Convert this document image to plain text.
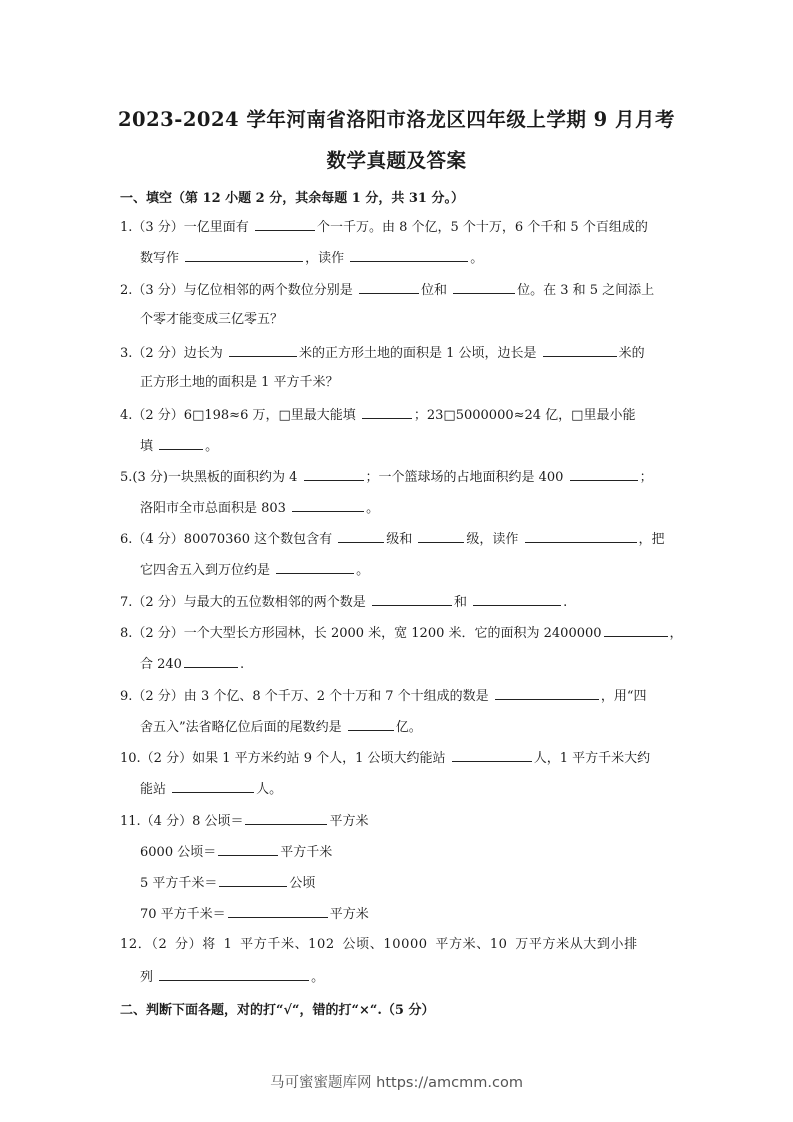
2023-2024 学年河南省洛阳市洛龙区四年级上学期 9 月月考
数学真题及答案
一、填空（第 12 小题 2 分，其余每题 1 分，共 31 分。）
1.（3 分）一亿里面有	个一千万。由 8 个亿，5 个十万，6 个千和 5 个百组成的
数写作	，读作	。
2.（3 分）与亿位相邻的两个数位分别是	位和	位。在 3 和 5 之间添上
个零才能变成三亿零五？
3.（2 分）边长为	米的正方形土地的面积是 1 公顷，边长是	米的
正方形土地的面积是 1 平方千米？
4.（2 分）6□198≈6 万，□里最大能填	；23□5000000≈24 亿，□里最小能
填	。
5.(3 分)一块黑板的面积约为 4	；一个篮球场的占地面积约是 400	；
洛阳市全市总面积是 803	。
6.（4 分）80070360 这个数包含有	级和	级，读作	，把
它四舍五入到万位约是	。
7.（2 分）与最大的五位数相邻的两个数是	和	.
8.（2 分）一个大型长方形园林，长 2000 米，宽 1200 米．它的面积为 2400000	，
合 240	.
9.（2 分）由 3 个亿、8 个千万、2 个十万和 7 个十组成的数是	，用“四
舍五入”法省略亿位后面的尾数约是	亿。
10.（2 分）如果 1 平方米约站 9 个人，1 公顷大约能站	人，1 平方千米大约
能站	人。
11.（4 分）8 公顷＝	平方米
6000 公顷＝	平方千米
5 平方千米＝	公顷
70 平方千米＝	平方米
12．（2 分）将 1 平方千米、102 公顷、10000 平方米、10 万平方米从大到小排
列	。
二、判断下面各题，对的打“√“，错的打“×“.（5 分）
马可蜜蜜题库网 https://amcmm.com
